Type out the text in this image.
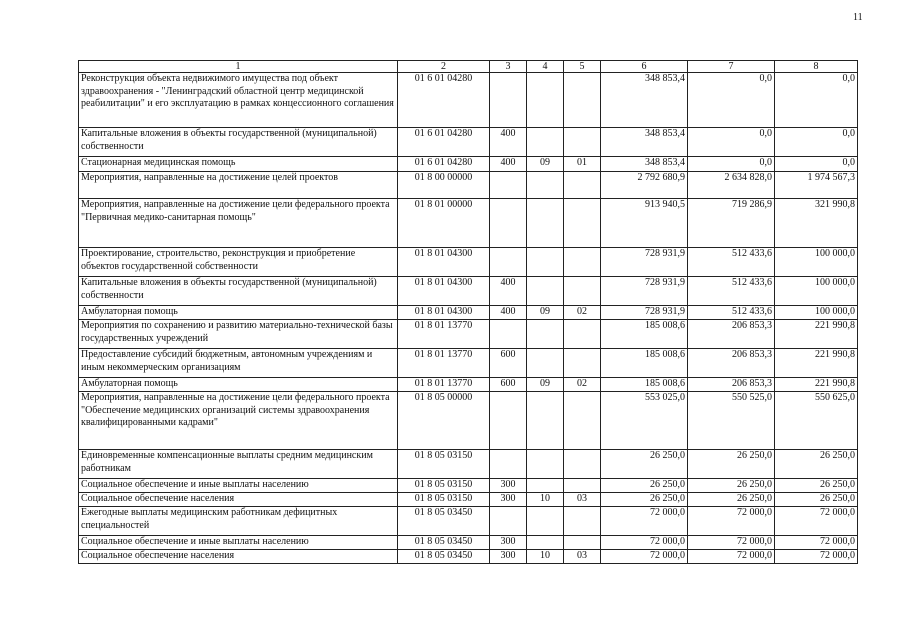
11
1	2	3	4	5	6	7	8
Реконструкция объекта недвижимого имущества под объект здравоохранения - "Ленинградский областной центр медицинской реабилитации" и его эксплуатацию в рамках концессионного соглашения	01 6 01 04280				348 853,4	0,0	0,0
Капитальные вложения в объекты государственной (муниципальной) собственности	01 6 01 04280	400			348 853,4	0,0	0,0
Стационарная медицинская помощь	01 6 01 04280	400	09	01	348 853,4	0,0	0,0
Мероприятия, направленные на достижение целей проектов	01 8 00 00000				2 792 680,9	2 634 828,0	1 974 567,3
Мероприятия, направленные на достижение цели федерального проекта "Первичная медико-санитарная помощь"	01 8 01 00000				913 940,5	719 286,9	321 990,8
Проектирование, строительство, реконструкция и приобретение объектов государственной собственности	01 8 01 04300				728 931,9	512 433,6	100 000,0
Капитальные вложения в объекты государственной (муниципальной) собственности	01 8 01 04300	400			728 931,9	512 433,6	100 000,0
Амбулаторная помощь	01 8 01 04300	400	09	02	728 931,9	512 433,6	100 000,0
Мероприятия по сохранению и развитию материально-технической базы государственных учреждений	01 8 01 13770				185 008,6	206 853,3	221 990,8
Предоставление субсидий бюджетным, автономным учреждениям и иным некоммерческим организациям	01 8 01 13770	600			185 008,6	206 853,3	221 990,8
Амбулаторная помощь	01 8 01 13770	600	09	02	185 008,6	206 853,3	221 990,8
Мероприятия, направленные на достижение цели федерального проекта "Обеспечение медицинских организаций системы здравоохранения квалифицированными кадрами"	01 8 05 00000				553 025,0	550 525,0	550 625,0
Единовременные компенсационные выплаты средним медицинским работникам	01 8 05 03150				26 250,0	26 250,0	26 250,0
Социальное обеспечение и иные выплаты населению	01 8 05 03150	300			26 250,0	26 250,0	26 250,0
Социальное обеспечение населения	01 8 05 03150	300	10	03	26 250,0	26 250,0	26 250,0
Ежегодные выплаты медицинским работникам дефицитных специальностей	01 8 05 03450				72 000,0	72 000,0	72 000,0
Социальное обеспечение и иные выплаты населению	01 8 05 03450	300			72 000,0	72 000,0	72 000,0
Социальное обеспечение населения	01 8 05 03450	300	10	03	72 000,0	72 000,0	72 000,0
